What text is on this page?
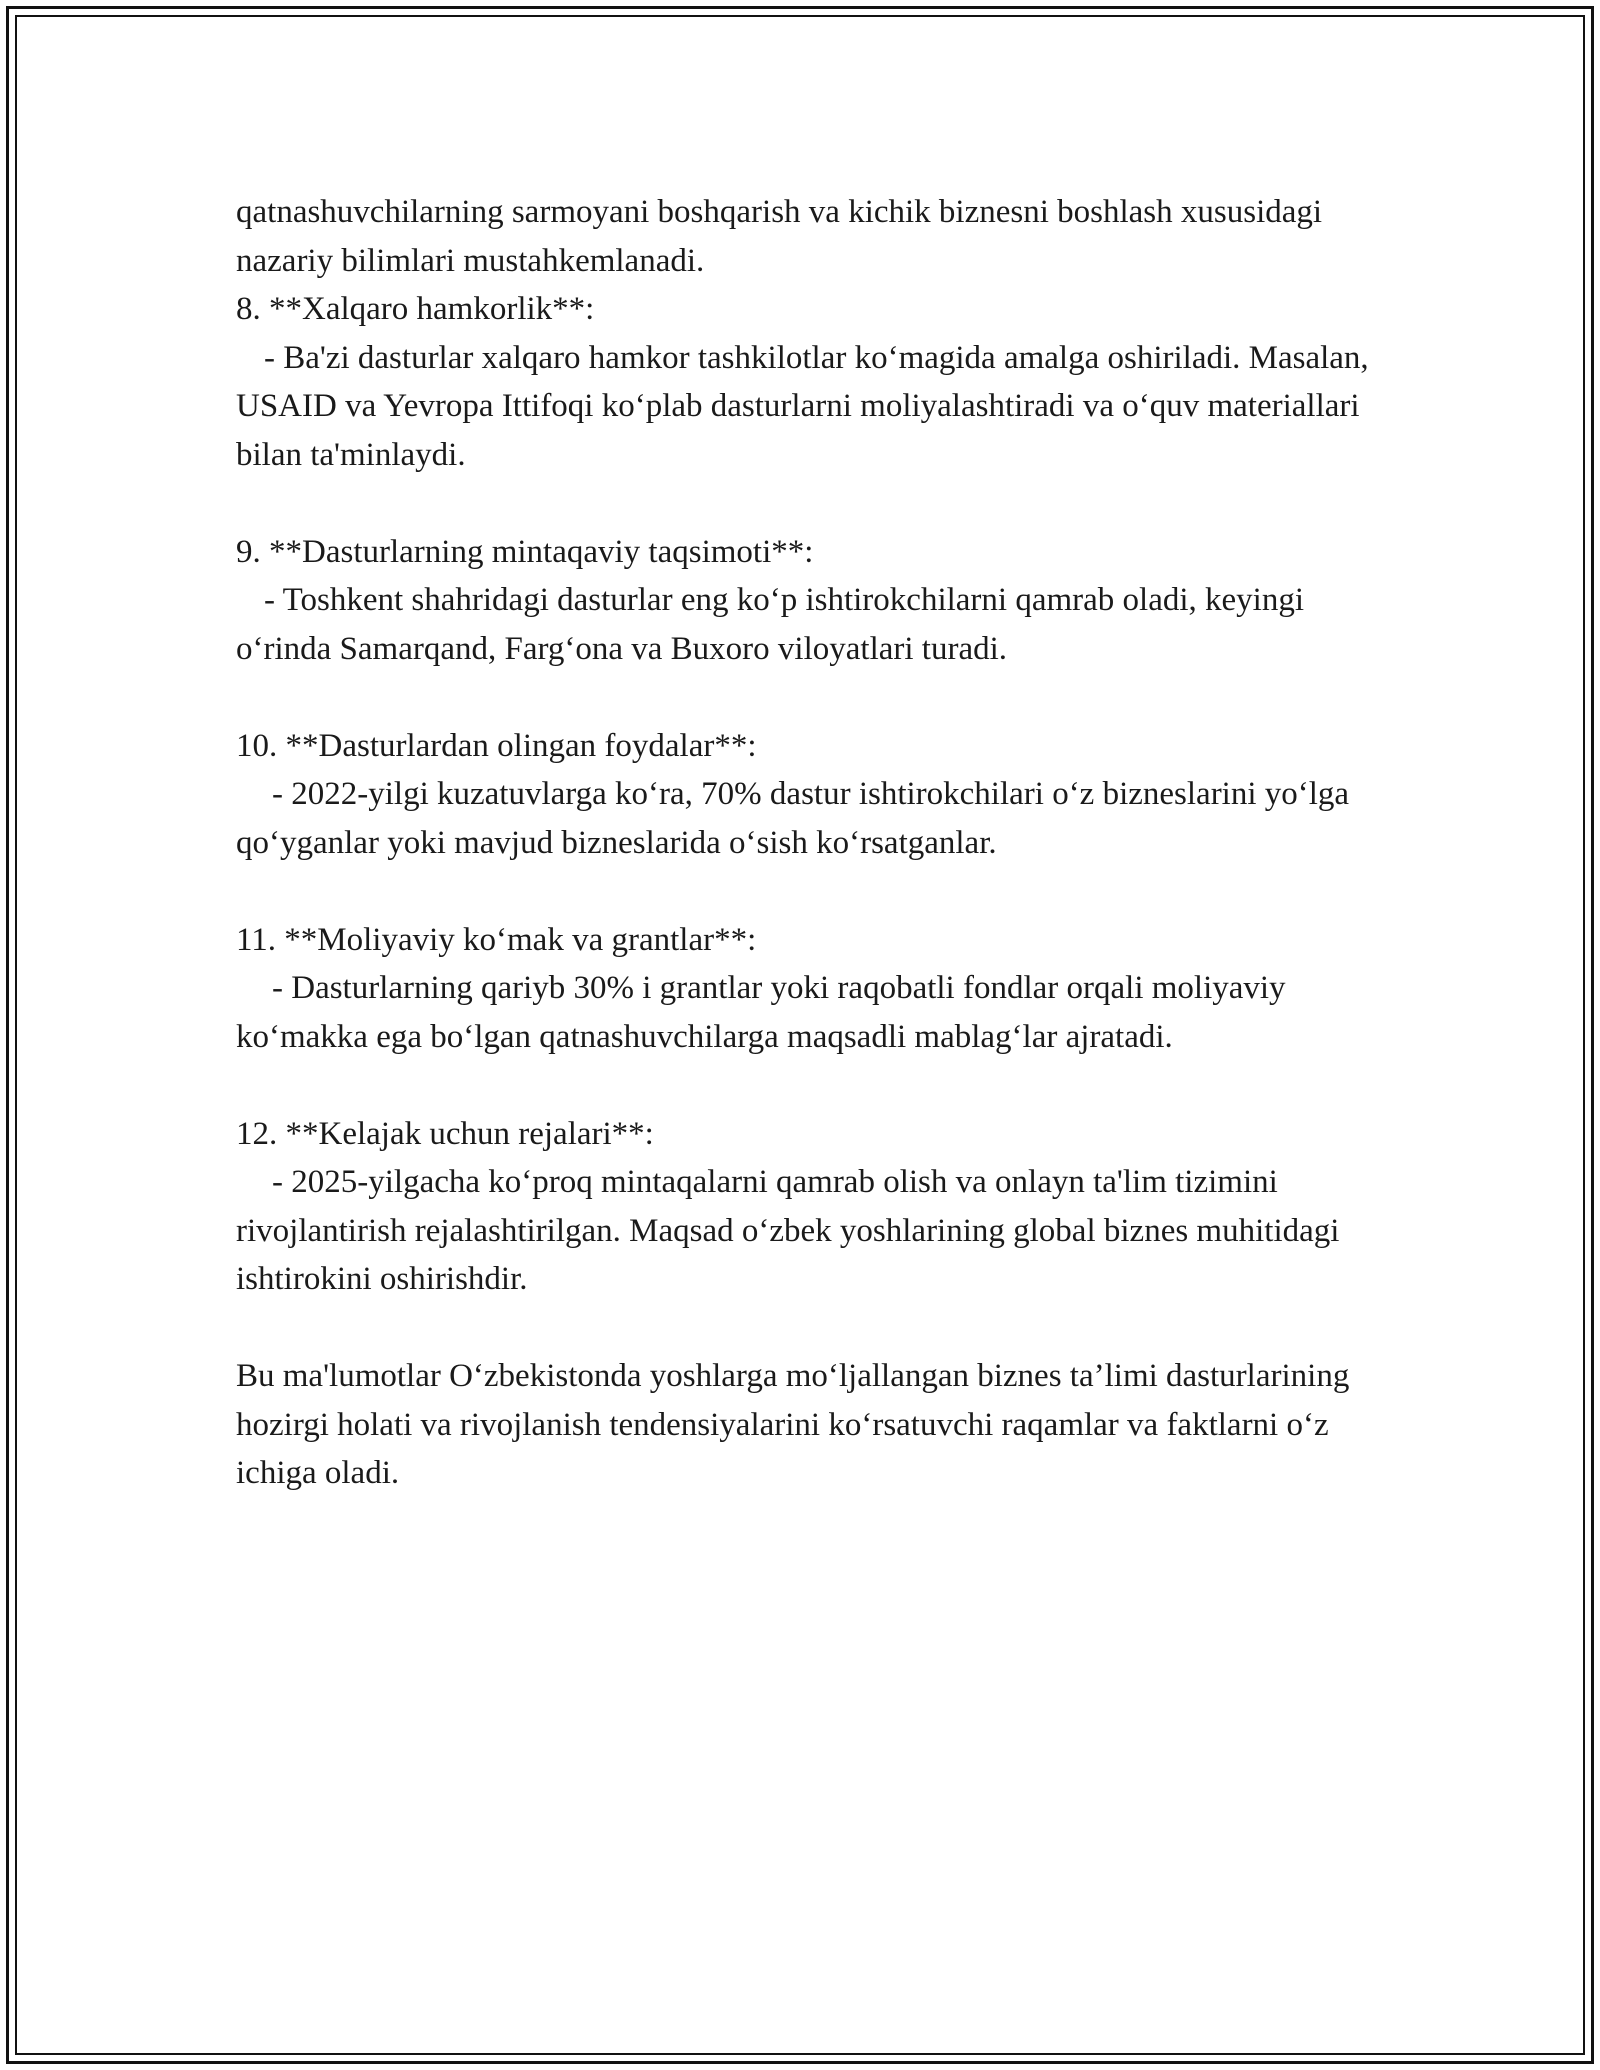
qatnashuvchilarning sarmoyani boshqarish va kichik biznesni boshlash xususidagi nazariy bilimlari mustahkemlanadi.

8. **Xalqaro hamkorlik**:

- Ba'zi dasturlar xalqaro hamkor tashkilotlar ko‘magida amalga oshiriladi. Masalan, USAID va Yevropa Ittifoqi ko‘plab dasturlarni moliyalashtiradi va o‘quv materiallari bilan ta'minlaydi.

9. **Dasturlarning mintaqaviy taqsimoti**:

- Toshkent shahridagi dasturlar eng ko‘p ishtirokchilarni qamrab oladi, keyingi o‘rinda Samarqand, Farg‘ona va Buxoro viloyatlari turadi.

10. **Dasturlardan olingan foydalar**:

- 2022-yilgi kuzatuvlarga ko‘ra, 70% dastur ishtirokchilari o‘z bizneslarini yo‘lga qo‘yganlar yoki mavjud bizneslarida o‘sish ko‘rsatganlar.

11. **Moliyaviy ko‘mak va grantlar**:

- Dasturlarning qariyb 30% i grantlar yoki raqobatli fondlar orqali moliyaviy ko‘makka ega bo‘lgan qatnashuvchilarga maqsadli mablag‘lar ajratadi.

12. **Kelajak uchun rejalari**:

- 2025-yilgacha ko‘proq mintaqalarni qamrab olish va onlayn ta'lim tizimini rivojlantirish rejalashtirilgan. Maqsad o‘zbek yoshlarining global biznes muhitidagi ishtirokini oshirishdir.

Bu ma'lumotlar O‘zbekistonda yoshlarga mo‘ljallangan biznes ta’limi dasturlarining hozirgi holati va rivojlanish tendensiyalarini ko‘rsatuvchi raqamlar va faktlarni o‘z ichiga oladi.
